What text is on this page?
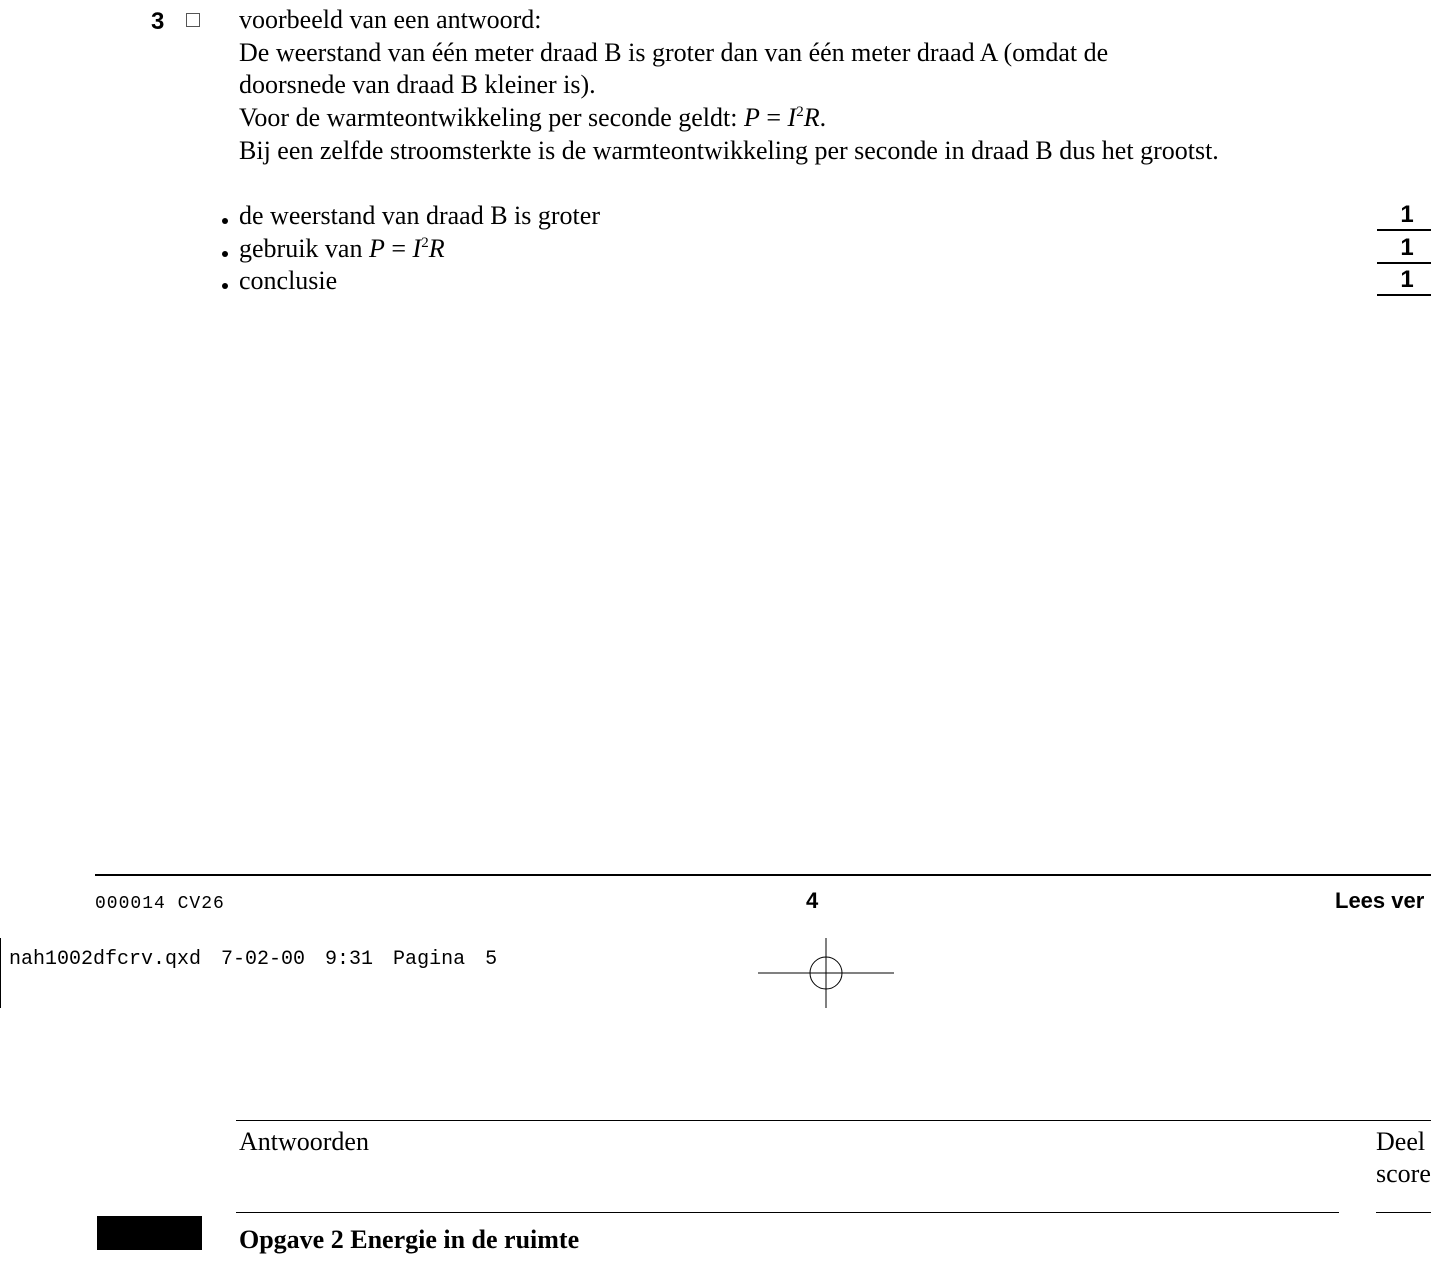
3	voorbeeld van een antwoord:
De weerstand van één meter draad B is groter dan van één meter draad A (omdat de
doorsnede van draad B kleiner is).
Voor de warmteontwikkeling per seconde geldt: $P = I^2R$.
Bij een zelfde stroomsterkte is de warmteontwikkeling per seconde in draad B dus het grootst.
de weerstand van draad B is groter	1
gebruik van $P = I^2R$	1
conclusie	1
000014 CV26	4	Lees ver
nah1002dfcrv.qxd 7-02-00 9:31 Pagina 5
Antwoorden	Deel
score
Opgave 2 Energie in de ruimte
